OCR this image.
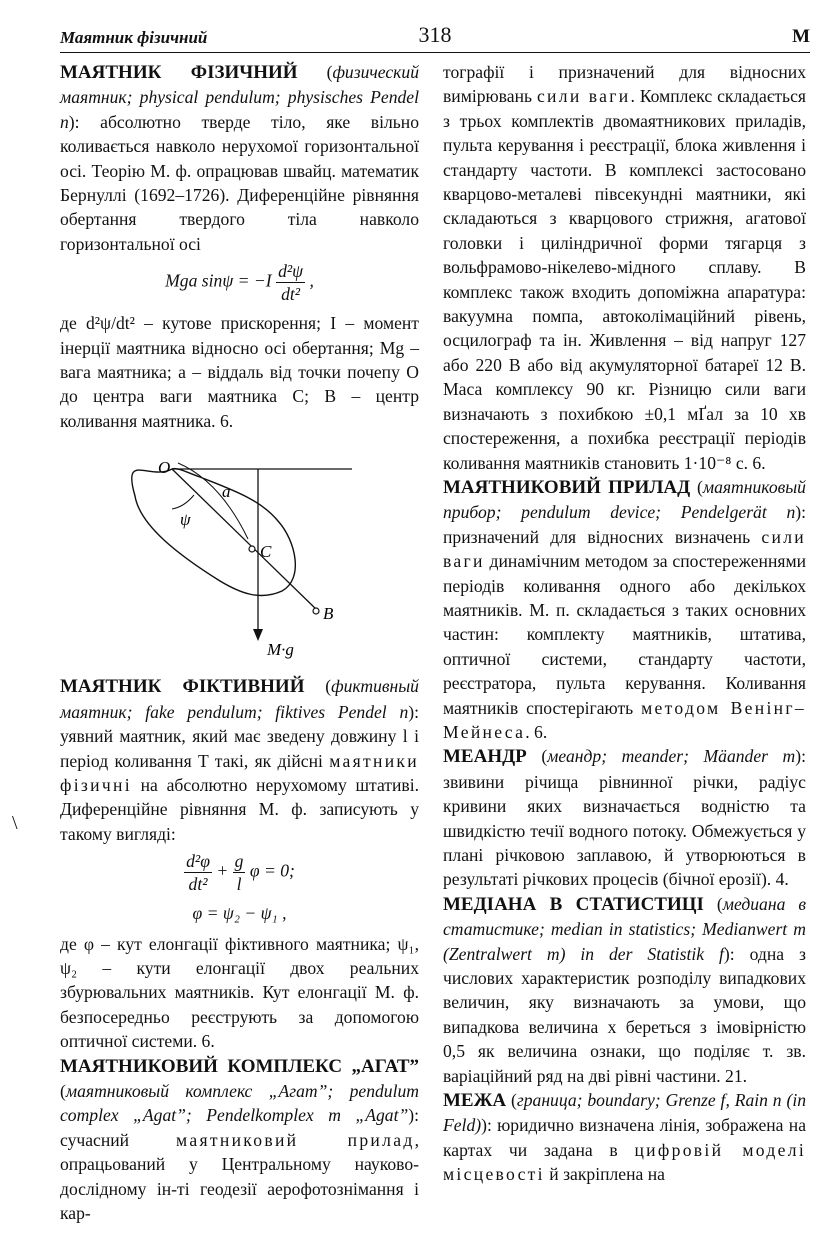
Маятник фізичний	318	М

МАЯТНИК ФІЗИЧНИЙ (физический маятник; physical pendulum; physisches Pendel n): абсолютно тверде тіло, яке вільно коливається навколо нерухомої горизонтальної осі. Теорію М. ф. опрацював швайц. математик Бернуллі (1692–1726). Диференційне рівняння обертання твердого тіла навколо горизонтальної осі

Mga $\sin\psi = -I \frac{\text{d²ψ}}{\text{dt²}}$ ,

де d²ψ/dt² – кутове прискорення; I – момент інерції маятника відносно осі обертання; Mg – вага маятника; a – віддаль від точки почепу O до центра ваги маятника C; B – центр коливання маятника. 6.

O
a
ψ
C
B
M·g

МАЯТНИК ФІКТИВНИЙ (фиктивный маятник; fake pendulum; fiktives Pendel n): уявний маятник, який має зведену довжину l і період коливання T такі, як дійсні маятники фізичні на абсолютно нерухомому штативі. Диференційне рівняння М. ф. записують у такому вигляді:

$\frac{\text{d²φ}}{\text{dt²}} + \frac{g}{l}$ φ = 0;
φ = ψ₂ − ψ₁ ,

де φ – кут елонгації фіктивного маятника; ψ₁, ψ₂ – кути елонгації двох реальних збурювальних маятників. Кут елонгації М. ф. безпосередньо реєструють за допомогою оптичної системи. 6.

МАЯТНИКОВИЙ КОМПЛЕКС „АГАТ” (маятниковый комплекс „Агат”; pendulum complex „Agat”; Pendelkomplex m „Agat”): сучасний маятниковий прилад, опрацьований у Центральному науково-дослідному ін-ті геодезії аерофотознімання і кар-

тографії і призначений для відносних вимірювань сили ваги. Комплекс складається з трьох комплектів двомаятникових приладів, пульта керування і реєстрації, блока живлення і стандарту частоти. В комплексі застосовано кварцово-металеві півсекундні маятники, які складаються з кварцового стрижня, агатової головки і циліндричної форми тягарця з вольфрамово-нікелево-мідного сплаву. В комплекс також входить допоміжна апаратура: вакуумна помпа, автоколімаційний рівень, осцилограф та ін. Живлення – від напруг 127 або 220 В або від акумуляторної батареї 12 В. Маса комплексу 90 кг. Різницю сили ваги визначають з похибкою ±0,1 мҐал за 10 хв спостереження, а похибка реєстрації періодів коливання маятників становить 1·10⁻⁸ с. 6.

МАЯТНИКОВИЙ ПРИЛАД (маятниковый прибор; pendulum device; Pendelgerät n): призначений для відносних визначень сили ваги динамічним методом за спостереженнями періодів коливання одного або декількох маятників. М. п. складається з таких основних частин: комплекту маятників, штатива, оптичної системи, стандарту частоти, реєстратора, пульта керування. Коливання маятників спостерігають методом Венінг–Мейнеса. 6.

МЕАНДР (меандр; meander; Mäander m): звивини річища рівнинної річки, радіус кривини яких визначається водністю та швидкістю течії водного потоку. Обмежується у плані річковою заплавою, й утворюються в результаті річкових процесів (бічної ерозії). 4.

МЕДІАНА В СТАТИСТИЦІ (медиана в статистике; median in statistics; Medianwert m (Zentralwert m) in der Statistik f): одна з числових характеристик розподілу випадкових величин, яку визначають за умови, що випадкова величина x береться з імовірністю 0,5 як величина ознаки, що поділяє т. зв. варіаційний ряд на дві рівні частини. 21.

МЕЖА (граница; boundary; Grenze f, Rain n (in Feld)): юридично визначена лінія, зображена на картах чи задана в цифровій моделі місцевості й закріплена на

\
